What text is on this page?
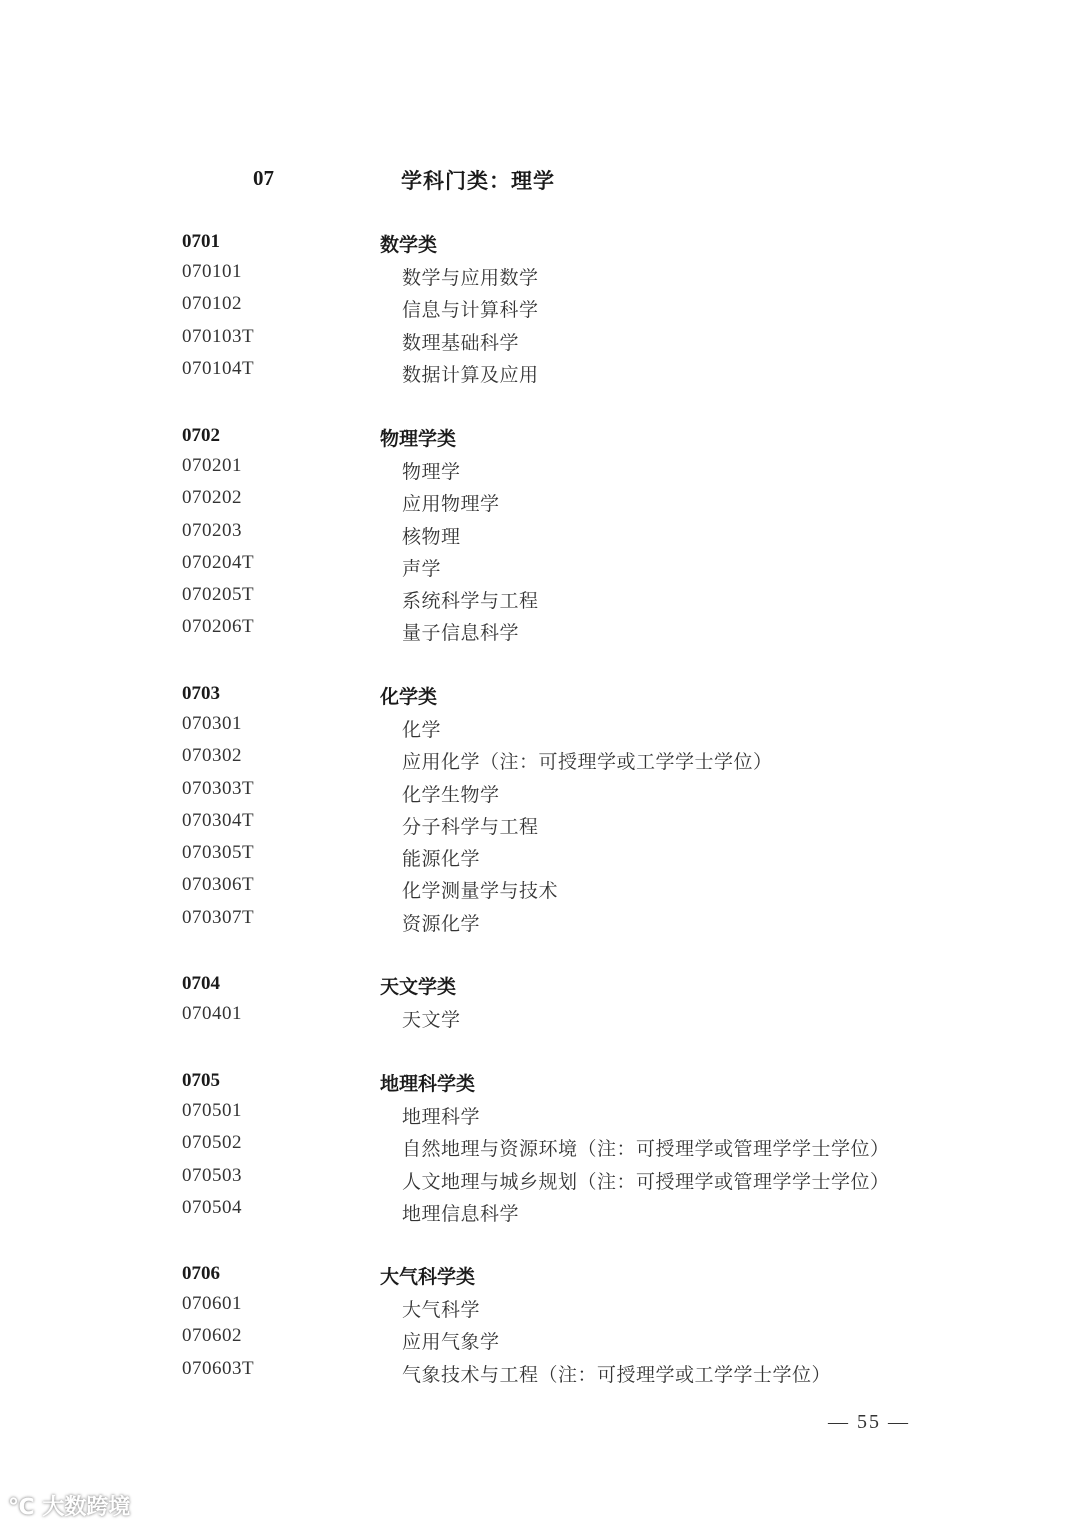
07	学科门类：理学
0701	数学类
070101	数学与应用数学
070102	信息与计算科学
070103T	数理基础科学
070104T	数据计算及应用
0702	物理学类
070201	物理学
070202	应用物理学
070203	核物理
070204T	声学
070205T	系统科学与工程
070206T	量子信息科学
0703	化学类
070301	化学
070302	应用化学（注：可授理学或工学学士学位）
070303T	化学生物学
070304T	分子科学与工程
070305T	能源化学
070306T	化学测量学与技术
070307T	资源化学
0704	天文学类
070401	天文学
0705	地理科学类
070501	地理科学
070502	自然地理与资源环境（注：可授理学或管理学学士学位）
070503	人文地理与城乡规划（注：可授理学或管理学学士学位）
070504	地理信息科学
0706	大气科学类
070601	大气科学
070602	应用气象学
070603T	气象技术与工程（注：可授理学或工学学士学位）
— 55 —
℃ 大数跨境
